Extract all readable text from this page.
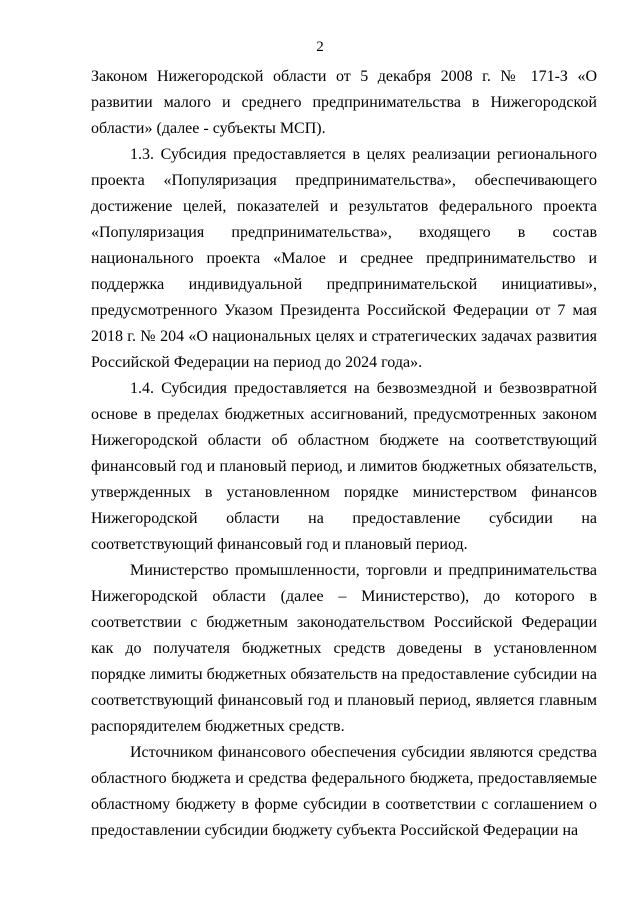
2

Законом Нижегородской области от 5 декабря 2008 г. № 171-З «О развитии малого и среднего предпринимательства в Нижегородской области» (далее - субъекты МСП).

1.3. Субсидия предоставляется в целях реализации регионального проекта «Популяризация предпринимательства», обеспечивающего достижение целей, показателей и результатов федерального проекта «Популяризация предпринимательства», входящего в состав национального проекта «Малое и среднее предпринимательство и поддержка индивидуальной предпринимательской инициативы», предусмотренного Указом Президента Российской Федерации от 7 мая 2018 г. № 204 «О национальных целях и стратегических задачах развития Российской Федерации на период до 2024 года».

1.4. Субсидия предоставляется на безвозмездной и безвозвратной основе в пределах бюджетных ассигнований, предусмотренных законом Нижегородской области об областном бюджете на соответствующий финансовый год и плановый период, и лимитов бюджетных обязательств, утвержденных в установленном порядке министерством финансов Нижегородской области на предоставление субсидии на соответствующий финансовый год и плановый период.

Министерство промышленности, торговли и предпринимательства Нижегородской области (далее – Министерство), до которого в соответствии с бюджетным законодательством Российской Федерации как до получателя бюджетных средств доведены в установленном порядке лимиты бюджетных обязательств на предоставление субсидии на соответствующий финансовый год и плановый период, является главным распорядителем бюджетных средств.

Источником финансового обеспечения субсидии являются средства областного бюджета и средства федерального бюджета, предоставляемые областному бюджету в форме субсидии в соответствии с соглашением о предоставлении субсидии бюджету субъекта Российской Федерации на
